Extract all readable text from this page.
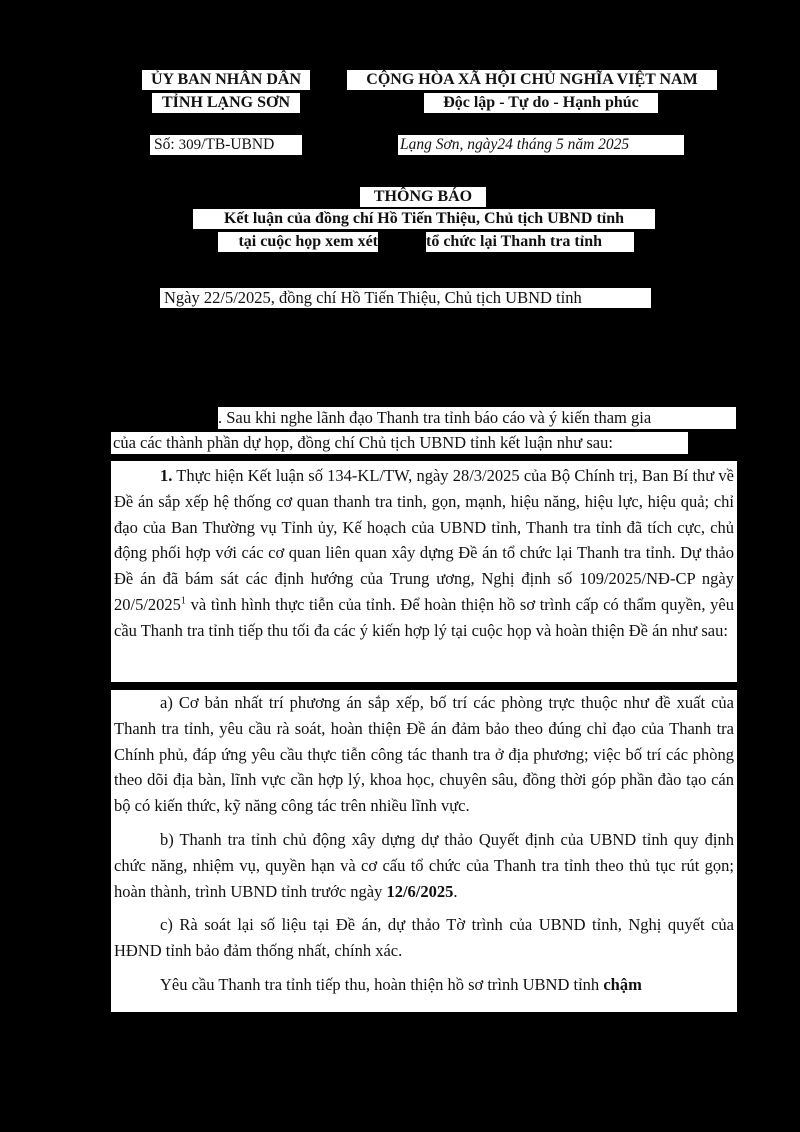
ỦY BAN NHÂN DÂN
TỈNH LẠNG SƠN
CỘNG HÒA XÃ HỘI CHỦ NGHĨA VIỆT NAM
Độc lập - Tự do - Hạnh phúc
Số: 309/TB-UBND	Lạng Sơn, ngày24 tháng 5 năm 2025
THÔNG BÁO
Kết luận của đồng chí Hồ Tiến Thiệu, Chủ tịch UBND tỉnh
tại cuộc họp xem xét	tổ chức lại Thanh tra tỉnh
Ngày 22/5/2025, đồng chí Hồ Tiến Thiệu, Chủ tịch UBND tỉnh
. Sau khi nghe lãnh đạo Thanh tra tỉnh báo cáo và ý kiến tham gia
của các thành phần dự họp, đồng chí Chủ tịch UBND tỉnh kết luận như sau:

1. Thực hiện Kết luận số 134-KL/TW, ngày 28/3/2025 của Bộ Chính trị, Ban Bí thư về Đề án sắp xếp hệ thống cơ quan thanh tra tinh, gọn, mạnh, hiệu năng, hiệu lực, hiệu quả; chỉ đạo của Ban Thường vụ Tỉnh ủy, Kế hoạch của UBND tỉnh, Thanh tra tỉnh đã tích cực, chủ động phối hợp với các cơ quan liên quan xây dựng Đề án tổ chức lại Thanh tra tỉnh. Dự thảo Đề án đã bám sát các định hướng của Trung ương, Nghị định số 109/2025/NĐ-CP ngày 20/5/2025$^1$ và tình hình thực tiễn của tỉnh. Để hoàn thiện hồ sơ trình cấp có thẩm quyền, yêu cầu Thanh tra tỉnh tiếp thu tối đa các ý kiến hợp lý tại cuộc họp và hoàn thiện Đề án như sau:

a) Cơ bản nhất trí phương án sắp xếp, bố trí các phòng trực thuộc như đề xuất của Thanh tra tỉnh, yêu cầu rà soát, hoàn thiện Đề án đảm bảo theo đúng chỉ đạo của Thanh tra Chính phủ, đáp ứng yêu cầu thực tiễn công tác thanh tra ở địa phương; việc bố trí các phòng theo dõi địa bàn, lĩnh vực cần hợp lý, khoa học, chuyên sâu, đồng thời góp phần đào tạo cán bộ có kiến thức, kỹ năng công tác trên nhiều lĩnh vực.

b) Thanh tra tỉnh chủ động xây dựng dự thảo Quyết định của UBND tỉnh quy định chức năng, nhiệm vụ, quyền hạn và cơ cấu tổ chức của Thanh tra tỉnh theo thủ tục rút gọn; hoàn thành, trình UBND tỉnh trước ngày 12/6/2025.

c) Rà soát lại số liệu tại Đề án, dự thảo Tờ trình của UBND tỉnh, Nghị quyết của HĐND tỉnh bảo đảm thống nhất, chính xác.

Yêu cầu Thanh tra tỉnh tiếp thu, hoàn thiện hồ sơ trình UBND tỉnh chậm
